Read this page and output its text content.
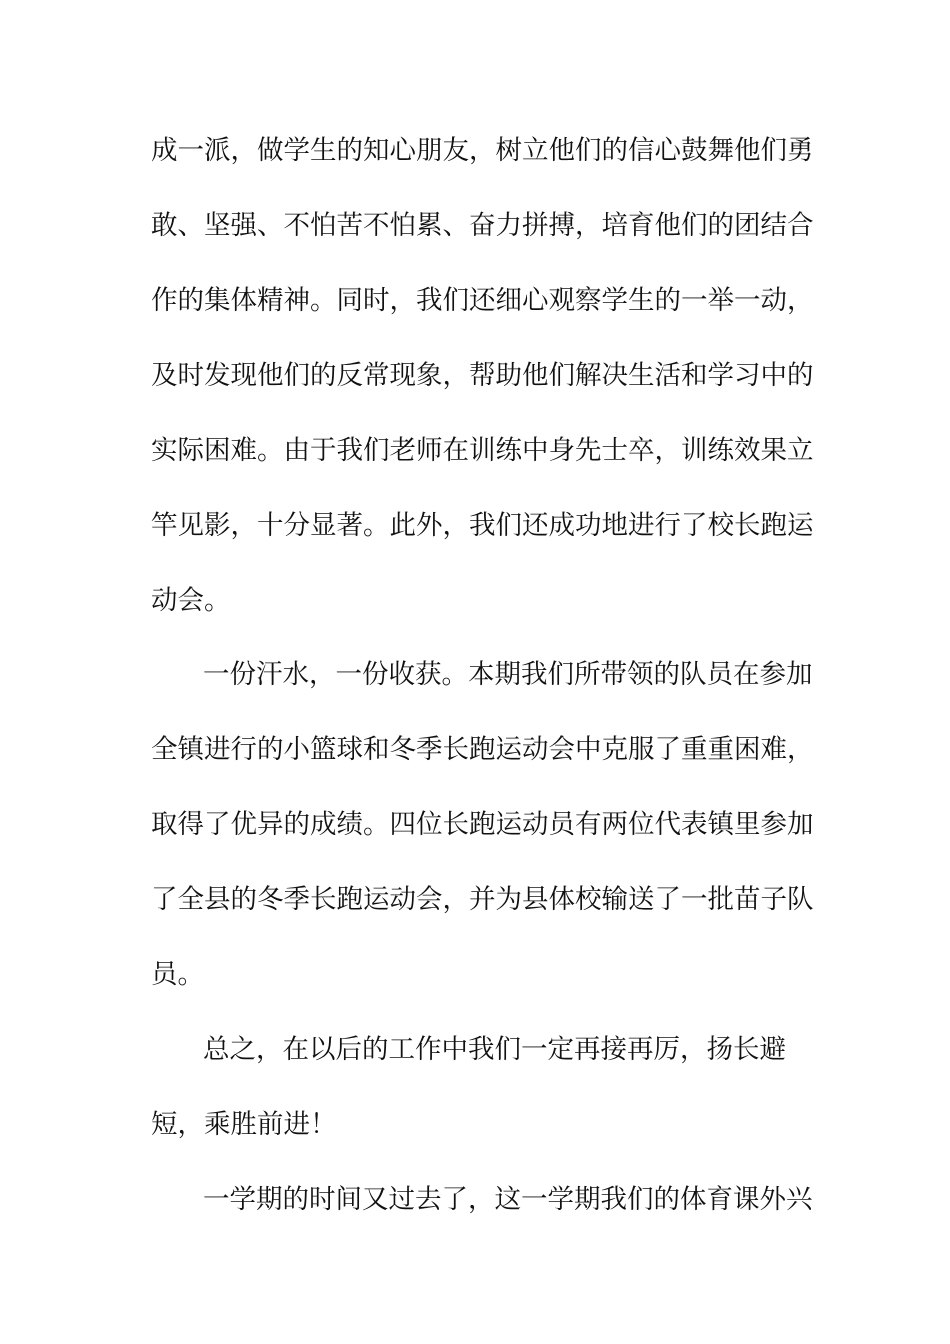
成一派，做学生的知心朋友，树立他们的信心鼓舞他们勇
敢、坚强、不怕苦不怕累、奋力拼搏，培育他们的团结合
作的集体精神。同时，我们还细心观察学生的一举一动，
及时发现他们的反常现象，帮助他们解决生活和学习中的
实际困难。由于我们老师在训练中身先士卒，训练效果立
竿见影，十分显著。此外，我们还成功地进行了校长跑运
动会。
一份汗水，一份收获。本期我们所带领的队员在参加
全镇进行的小篮球和冬季长跑运动会中克服了重重困难，
取得了优异的成绩。四位长跑运动员有两位代表镇里参加
了全县的冬季长跑运动会，并为县体校输送了一批苗子队
员。
总之，在以后的工作中我们一定再接再厉，扬长避
短，乘胜前进！
一学期的时间又过去了，这一学期我们的体育课外兴
